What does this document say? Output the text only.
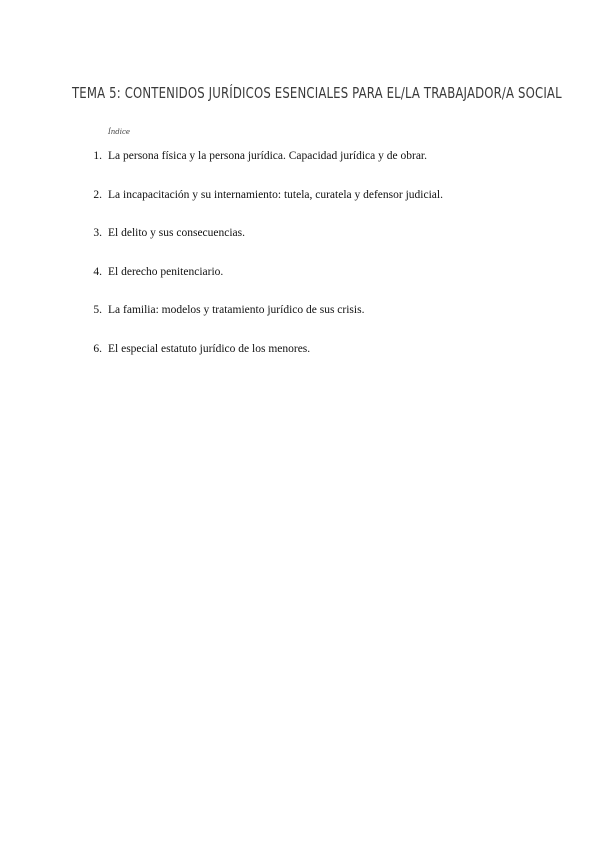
TEMA 5: CONTENIDOS JURÍDICOS ESENCIALES PARA EL/LA TRABAJADOR/A SOCIAL

Índice

1. La persona física y la persona jurídica. Capacidad jurídica y de obrar.
2. La incapacitación y su internamiento: tutela, curatela y defensor judicial.
3. El delito y sus consecuencias.
4. El derecho penitenciario.
5. La familia: modelos y tratamiento jurídico de sus crisis.
6. El especial estatuto jurídico de los menores.
